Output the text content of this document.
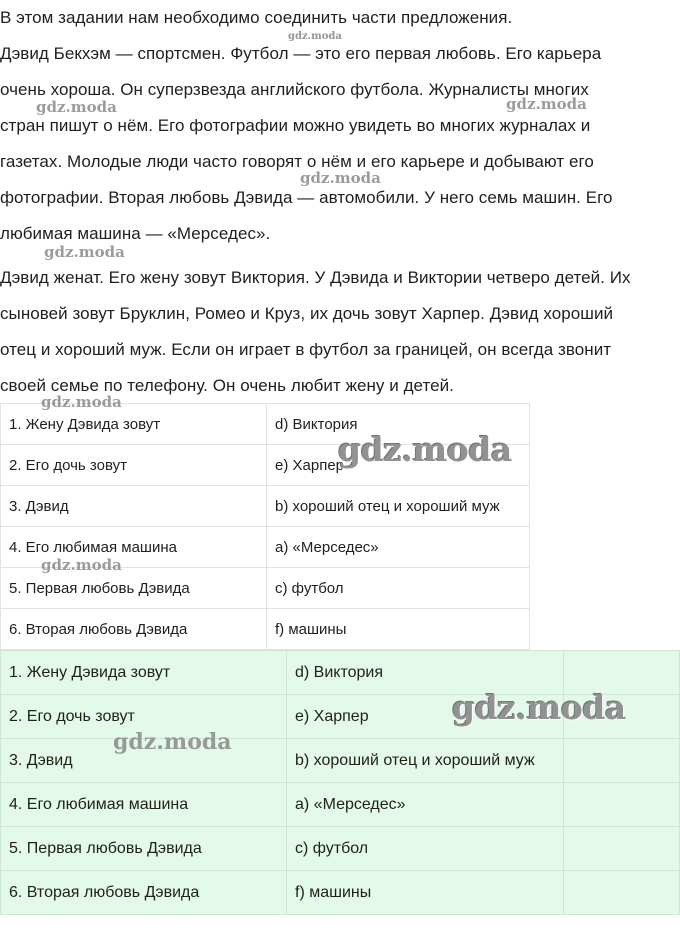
В этом задании нам необходимо соединить части предложения.
Дэвид Бекхэм — спортсмен. Футбол — это его первая любовь. Его карьера
очень хороша. Он суперзвезда английского футбола. Журналисты многих
стран пишут о нём. Его фотографии можно увидеть во многих журналах и
газетах. Молодые люди часто говорят о нём и его карьере и добывают его
фотографии. Вторая любовь Дэвида — автомобили. У него семь машин. Его
любимая машина — «Мерседес».
Дэвид женат. Его жену зовут Виктория. У Дэвида и Виктории четверо детей. Их
сыновей зовут Бруклин, Ромео и Круз, их дочь зовут Харпер. Дэвид хороший
отец и хороший муж. Если он играет в футбол за границей, он всегда звонит
своей семье по телефону. Он очень любит жену и детей.
1. Жену Дэвида зовут	d) Виктория
2. Его дочь зовут	e) Харпер
3. Дэвид	b) хороший отец и хороший муж
4. Его любимая машина	a) «Мерседес»
5. Первая любовь Дэвида	c) футбол
6. Вторая любовь Дэвида	f) машины
1. Жену Дэвида зовут	d) Виктория	
2. Его дочь зовут	e) Харпер	
3. Дэвид	b) хороший отец и хороший муж	
4. Его любимая машина	a) «Мерседес»	
5. Первая любовь Дэвида	c) футбол	
6. Вторая любовь Дэвида	f) машины	
gdz.moda
gdz.moda	gdz.moda
gdz.moda
gdz.moda
gdz.moda
gdz.moda
gdz.moda
gdz.moda
gdz.moda
